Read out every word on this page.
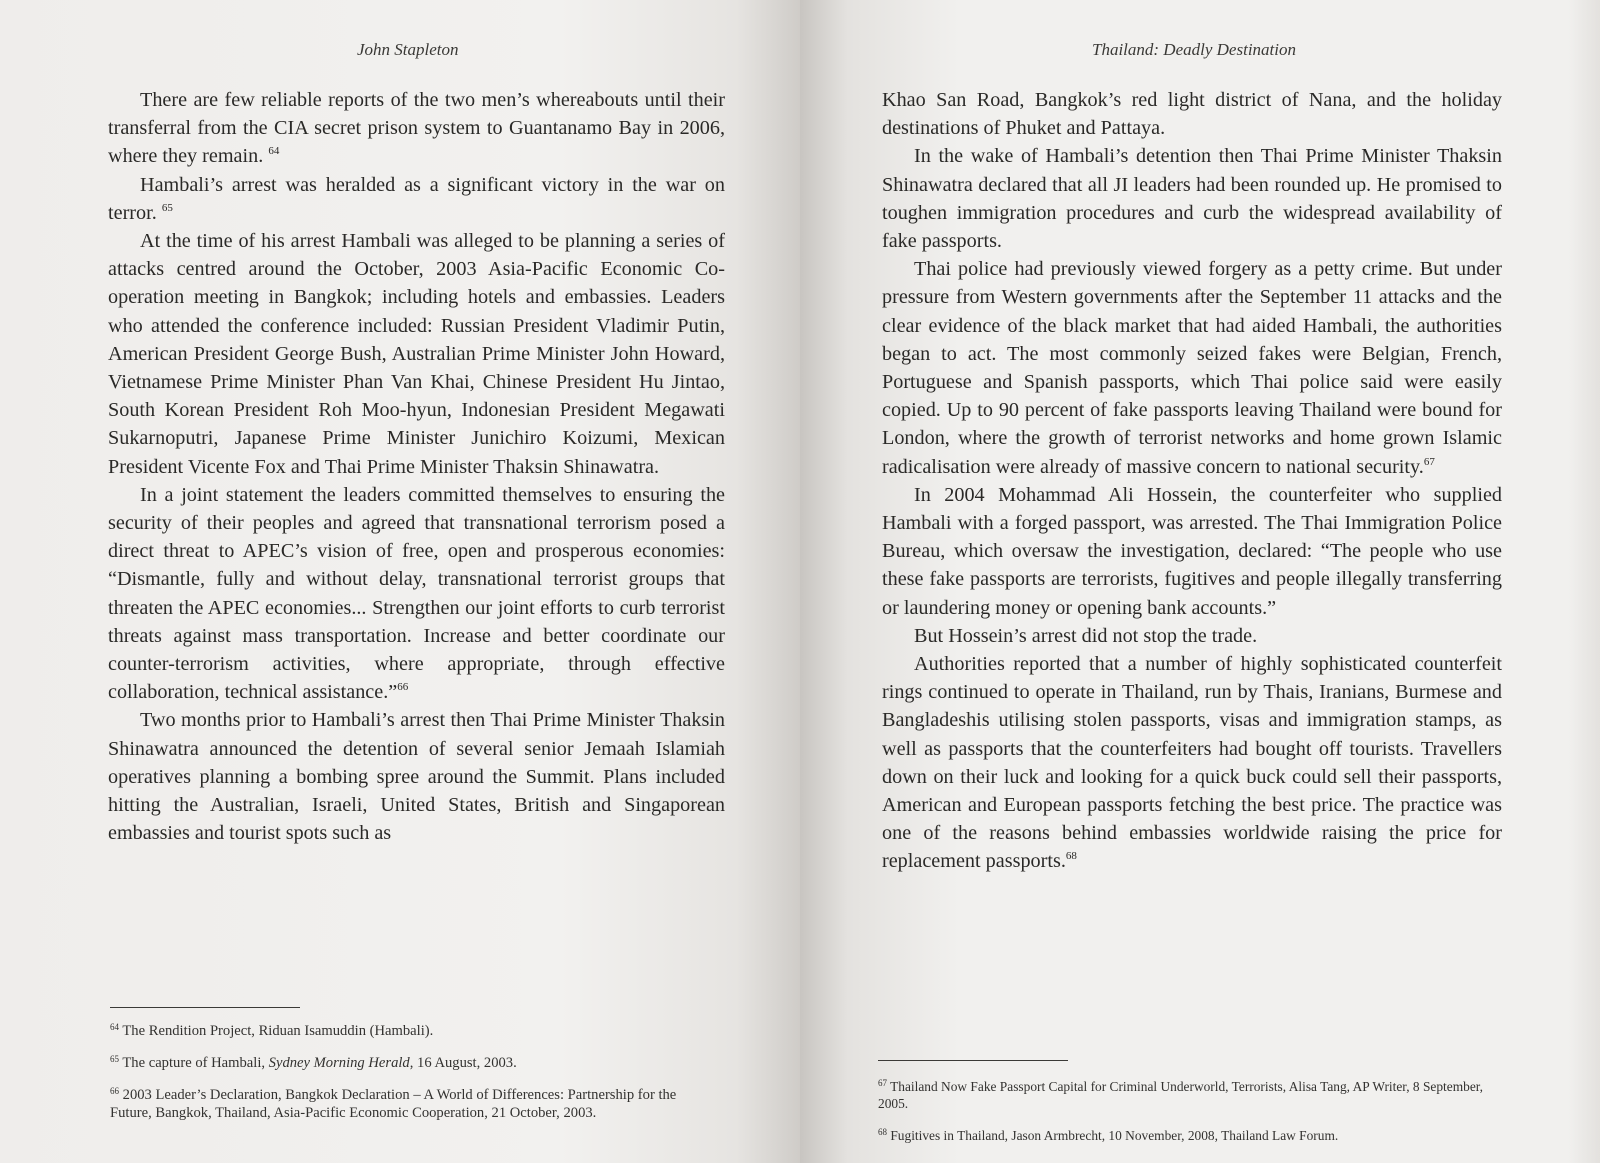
John Stapleton

There are few reliable reports of the two men’s whereabouts until their transferral from the CIA secret prison system to Guantanamo Bay in 2006, where they remain. $^{64}$

Hambali’s arrest was heralded as a significant victory in the war on terror. $^{65}$

At the time of his arrest Hambali was alleged to be planning a series of attacks centred around the October, 2003 Asia-Pacific Economic Co-operation meeting in Bangkok; including hotels and embassies. Leaders who attended the conference included: Russian President Vladimir Putin, American President George Bush, Australian Prime Minister John Howard, Vietnamese Prime Minister Phan Van Khai, Chinese President Hu Jintao, South Korean President Roh Moo-hyun, Indonesian President Megawati Sukarnoputri, Japanese Prime Minister Junichiro Koizumi, Mexican President Vicente Fox and Thai Prime Minister Thaksin Shinawatra.

In a joint statement the leaders committed themselves to ensuring the security of their peoples and agreed that transnational terrorism posed a direct threat to APEC’s vision of free, open and prosperous economies: “Dismantle, fully and without delay, transnational terrorist groups that threaten the APEC economies... Strengthen our joint efforts to curb terrorist threats against mass transportation. Increase and better coordinate our counter-terrorism activities, where appropriate, through effective collaboration, technical assistance.”$^{66}$

Two months prior to Hambali’s arrest then Thai Prime Minister Thaksin Shinawatra announced the detention of several senior Jemaah Islamiah operatives planning a bombing spree around the Summit. Plans included hitting the Australian, Israeli, United States, British and Singaporean embassies and tourist spots such as

$^{64}$ The Rendition Project, Riduan Isamuddin (Hambali).

$^{65}$ The capture of Hambali, Sydney Morning Herald, 16 August, 2003.

$^{66}$ 2003 Leader’s Declaration, Bangkok Declaration – A World of Differences: Partnership for the Future, Bangkok, Thailand, Asia-Pacific Economic Cooperation, 21 October, 2003.

Thailand: Deadly Destination

Khao San Road, Bangkok’s red light district of Nana, and the holiday destinations of Phuket and Pattaya.

In the wake of Hambali’s detention then Thai Prime Minister Thaksin Shinawatra declared that all JI leaders had been rounded up. He promised to toughen immigration procedures and curb the widespread availability of fake passports.

Thai police had previously viewed forgery as a petty crime. But under pressure from Western governments after the September 11 attacks and the clear evidence of the black market that had aided Hambali, the authorities began to act. The most commonly seized fakes were Belgian, French, Portuguese and Spanish passports, which Thai police said were easily copied. Up to 90 percent of fake passports leaving Thailand were bound for London, where the growth of terrorist networks and home grown Islamic radicalisation were already of massive concern to national security.$^{67}$

In 2004 Mohammad Ali Hossein, the counterfeiter who supplied Hambali with a forged passport, was arrested. The Thai Immigration Police Bureau, which oversaw the investigation, declared: “The people who use these fake passports are terrorists, fugitives and people illegally transferring or laundering money or opening bank accounts.”

But Hossein’s arrest did not stop the trade.

Authorities reported that a number of highly sophisticated counterfeit rings continued to operate in Thailand, run by Thais, Iranians, Burmese and Bangladeshis utilising stolen passports, visas and immigration stamps, as well as passports that the counterfeiters had bought off tourists. Travellers down on their luck and looking for a quick buck could sell their passports, American and European passports fetching the best price. The practice was one of the reasons behind embassies worldwide raising the price for replacement passports.$^{68}$

$^{67}$ Thailand Now Fake Passport Capital for Criminal Underworld, Terrorists, Alisa Tang, AP Writer, 8 September, 2005.

$^{68}$ Fugitives in Thailand, Jason Armbrecht, 10 November, 2008, Thailand Law Forum.
